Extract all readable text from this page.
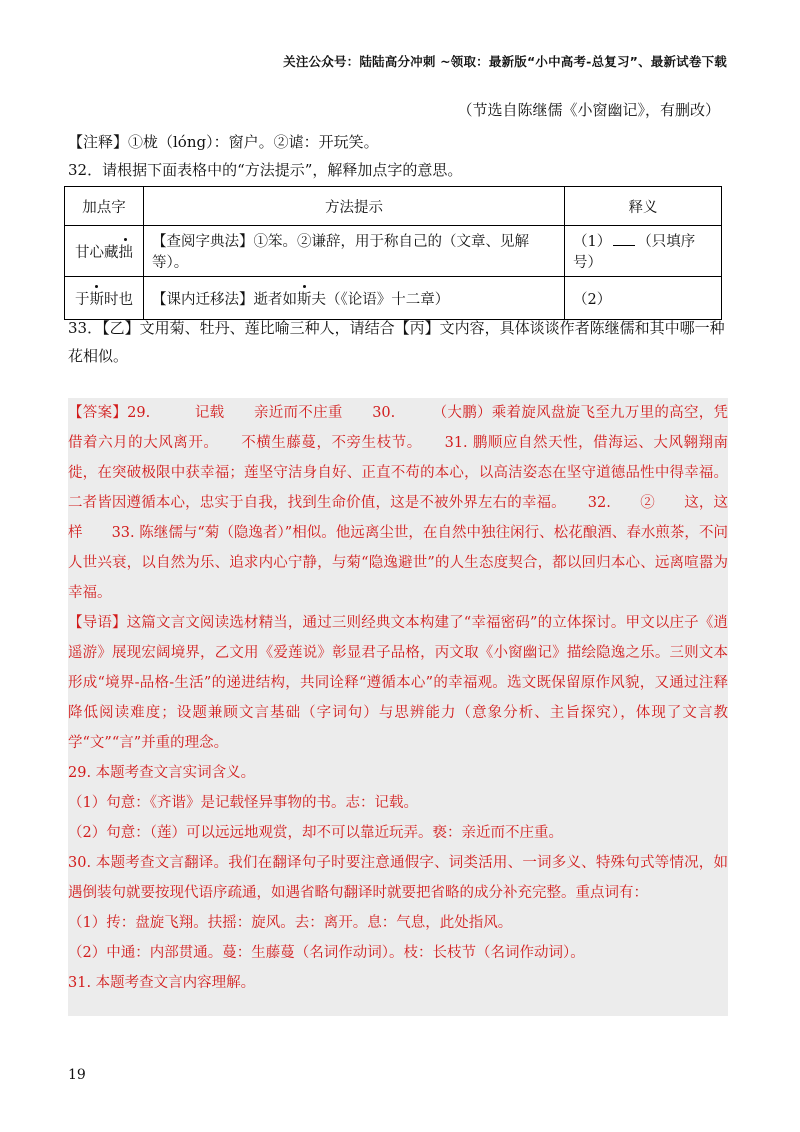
关注公众号：陆陆高分冲刺 ~领取：最新版“小中高考-总复习”、最新试卷下载
（节选自陈继儒《小窗幽记》，有删改）
【注释】①栊（lóng）：窗户。②谑：开玩笑。
32．请根据下面表格中的“方法提示”，解释加点字的意思。
加点字	方法提示	释义
甘心藏拙	【查阅字典法】①笨。②谦辞，用于称自己的（文章、见解等）。	（1） （只填序号）
于斯时也	【课内迁移法】逝者如斯夫（《论语》十二章）	（2）
33．【乙】文用菊、牡丹、莲比喻三种人，请结合【丙】文内容，具体谈谈作者陈继儒和其中哪一种花相似。

【答案】29.　　　记载　　亲近而不庄重　　30.　　　（大鹏）乘着旋风盘旋飞至九万里的高空，凭借着六月的大风离开。　　不横生藤蔓，不旁生枝节。　　31. 鹏顺应自然天性，借海运、大风翱翔南徙，在突破极限中获幸福；莲坚守洁身自好、正直不苟的本心，以高洁姿态在坚守道德品性中得幸福。二者皆因遵循本心，忠实于自我，找到生命价值，这是不被外界左右的幸福。　　32.　　②　　这，这样　　33. 陈继儒与“菊（隐逸者）”相似。他远离尘世，在自然中独往闲行、松花酿酒、春水煎茶，不问人世兴衰，以自然为乐、追求内心宁静，与菊“隐逸避世”的人生态度契合，都以回归本心、远离喧嚣为幸福。

【导语】这篇文言文阅读选材精当，通过三则经典文本构建了“幸福密码”的立体探讨。甲文以庄子《逍遥游》展现宏阔境界，乙文用《爱莲说》彰显君子品格，丙文取《小窗幽记》描绘隐逸之乐。三则文本形成“境界-品格-生活”的递进结构，共同诠释“遵循本心”的幸福观。选文既保留原作风貌，又通过注释降低阅读难度；设题兼顾文言基础（字词句）与思辨能力（意象分析、主旨探究），体现了文言教学“文”“言”并重的理念。

29. 本题考查文言实词含义。

（1）句意：《齐谐》是记载怪异事物的书。志：记载。

（2）句意：（莲）可以远远地观赏，却不可以靠近玩弄。亵：亲近而不庄重。

30. 本题考查文言翻译。我们在翻译句子时要注意通假字、词类活用、一词多义、特殊句式等情况，如遇倒装句就要按现代语序疏通，如遇省略句翻译时就要把省略的成分补充完整。重点词有：

（1）抟：盘旋飞翔。扶摇：旋风。去：离开。息：气息，此处指风。

（2）中通：内部贯通。蔓：生藤蔓（名词作动词）。枝：长枝节（名词作动词）。

31. 本题考查文言内容理解。

19
